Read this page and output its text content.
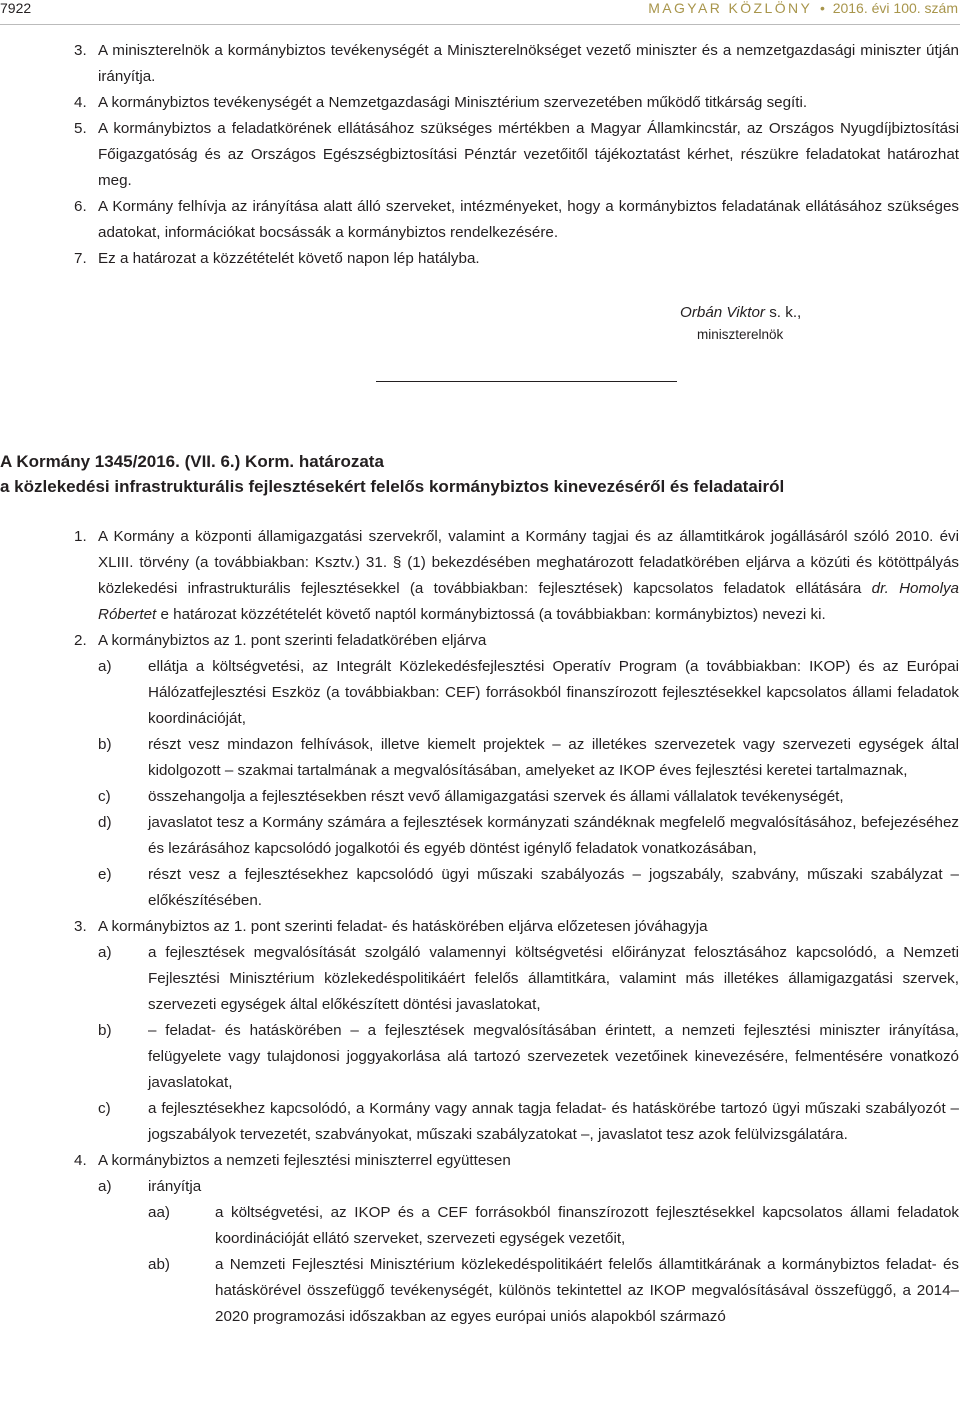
7922	MAGYAR KÖZLÖNY • 2016. évi 100. szám
3. A miniszterelnök a kormánybiztos tevékenységét a Miniszterelnökséget vezető miniszter és a nemzetgazdasági miniszter útján irányítja.
4. A kormánybiztos tevékenységét a Nemzetgazdasági Minisztérium szervezetében működő titkárság segíti.
5. A kormánybiztos a feladatkörének ellátásához szükséges mértékben a Magyar Államkincstár, az Országos Nyugdíjbiztosítási Főigazgatóság és az Országos Egészségbiztosítási Pénztár vezetőitől tájékoztatást kérhet, részükre feladatokat határozhat meg.
6. A Kormány felhívja az irányítása alatt álló szerveket, intézményeket, hogy a kormánybiztos feladatának ellátásához szükséges adatokat, információkat bocsássák a kormánybiztos rendelkezésére.
7. Ez a határozat a közzétételét követő napon lép hatályba.
Orbán Viktor s. k.,
miniszterelnök
A Kormány 1345/2016. (VII. 6.) Korm. határozata
a közlekedési infrastrukturális fejlesztésekért felelős kormánybiztos kinevezéséről és feladatairól
1. A Kormány a központi államigazgatási szervekről, valamint a Kormány tagjai és az államtitkárok jogállásáról szóló 2010. évi XLIII. törvény (a továbbiakban: Ksztv.) 31. § (1) bekezdésében meghatározott feladatkörében eljárva a közúti és kötöttpályás közlekedési infrastrukturális fejlesztésekkel (a továbbiakban: fejlesztések) kapcsolatos feladatok ellátására dr. Homolya Róbertet e határozat közzétételét követő naptól kormánybiztossá (a továbbiakban: kormánybiztos) nevezi ki.
2. A kormánybiztos az 1. pont szerinti feladatkörében eljárva
a) ellátja a költségvetési, az Integrált Közlekedésfejlesztési Operatív Program (a továbbiakban: IKOP) és az Európai Hálózatfejlesztési Eszköz (a továbbiakban: CEF) forrásokból finanszírozott fejlesztésekkel kapcsolatos állami feladatok koordinációját,
b) részt vesz mindazon felhívások, illetve kiemelt projektek – az illetékes szervezetek vagy szervezeti egységek által kidolgozott – szakmai tartalmának a megvalósításában, amelyeket az IKOP éves fejlesztési keretei tartalmaznak,
c) összehangolja a fejlesztésekben részt vevő államigazgatási szervek és állami vállalatok tevékenységét,
d) javaslatot tesz a Kormány számára a fejlesztések kormányzati szándéknak megfelelő megvalósításához, befejezéséhez és lezárásához kapcsolódó jogalkotói és egyéb döntést igénylő feladatok vonatkozásában,
e) részt vesz a fejlesztésekhez kapcsolódó ügyi műszaki szabályozás – jogszabály, szabvány, műszaki szabályzat – előkészítésében.
3. A kormánybiztos az 1. pont szerinti feladat- és hatáskörében eljárva előzetesen jóváhagyja
a) a fejlesztések megvalósítását szolgáló valamennyi költségvetési előirányzat felosztásához kapcsolódó, a Nemzeti Fejlesztési Minisztérium közlekedéspolitikáért felelős államtitkára, valamint más illetékes államigazgatási szervek, szervezeti egységek által előkészített döntési javaslatokat,
b) – feladat- és hatáskörében – a fejlesztések megvalósításában érintett, a nemzeti fejlesztési miniszter irányítása, felügyelete vagy tulajdonosi joggyakorlása alá tartozó szervezetek vezetőinek kinevezésére, felmentésére vonatkozó javaslatokat,
c) a fejlesztésekhez kapcsolódó, a Kormány vagy annak tagja feladat- és hatáskörébe tartozó ügyi műszaki szabályozót – jogszabályok tervezetét, szabványokat, műszaki szabályzatokat –, javaslatot tesz azok felülvizsgálatára.
4. A kormánybiztos a nemzeti fejlesztési miniszterrel együttesen
a) irányítja
aa)	a költségvetési, az IKOP és a CEF forrásokból finanszírozott fejlesztésekkel kapcsolatos állami feladatok koordinációját ellátó szerveket, szervezeti egységek vezetőit,
ab)	a Nemzeti Fejlesztési Minisztérium közlekedéspolitikáért felelős államtitkárának a kormánybiztos feladat- és hatáskörével összefüggő tevékenységét, különös tekintettel az IKOP megvalósításával összefüggő, a 2014–2020 programozási időszakban az egyes európai uniós alapokból származó
